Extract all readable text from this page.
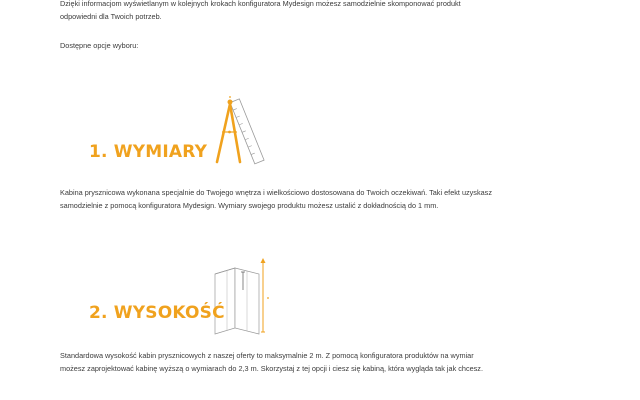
Dzięki informacjom wyświetlanym w kolejnych krokach konfiguratora Mydesign możesz samodzielnie skomponować produkt
odpowiedni dla Twoich potrzeb.
Dostępne opcje wyboru:
1. WYMIARY
Kabina prysznicowa wykonana specjalnie do Twojego wnętrza i wielkościowo dostosowana do Twoich oczekiwań. Taki efekt uzyskasz
samodzielnie z pomocą konfiguratora Mydesign. Wymiary swojego produktu możesz ustalić z dokładnością do 1 mm.
2. WYSOKOŚĆ
Standardowa wysokość kabin prysznicowych z naszej oferty to maksymalnie 2 m. Z pomocą konfiguratora produktów na wymiar
możesz zaprojektować kabinę wyższą o wymiarach do 2,3 m. Skorzystaj z tej opcji i ciesz się kabiną, która wygląda tak jak chcesz.
